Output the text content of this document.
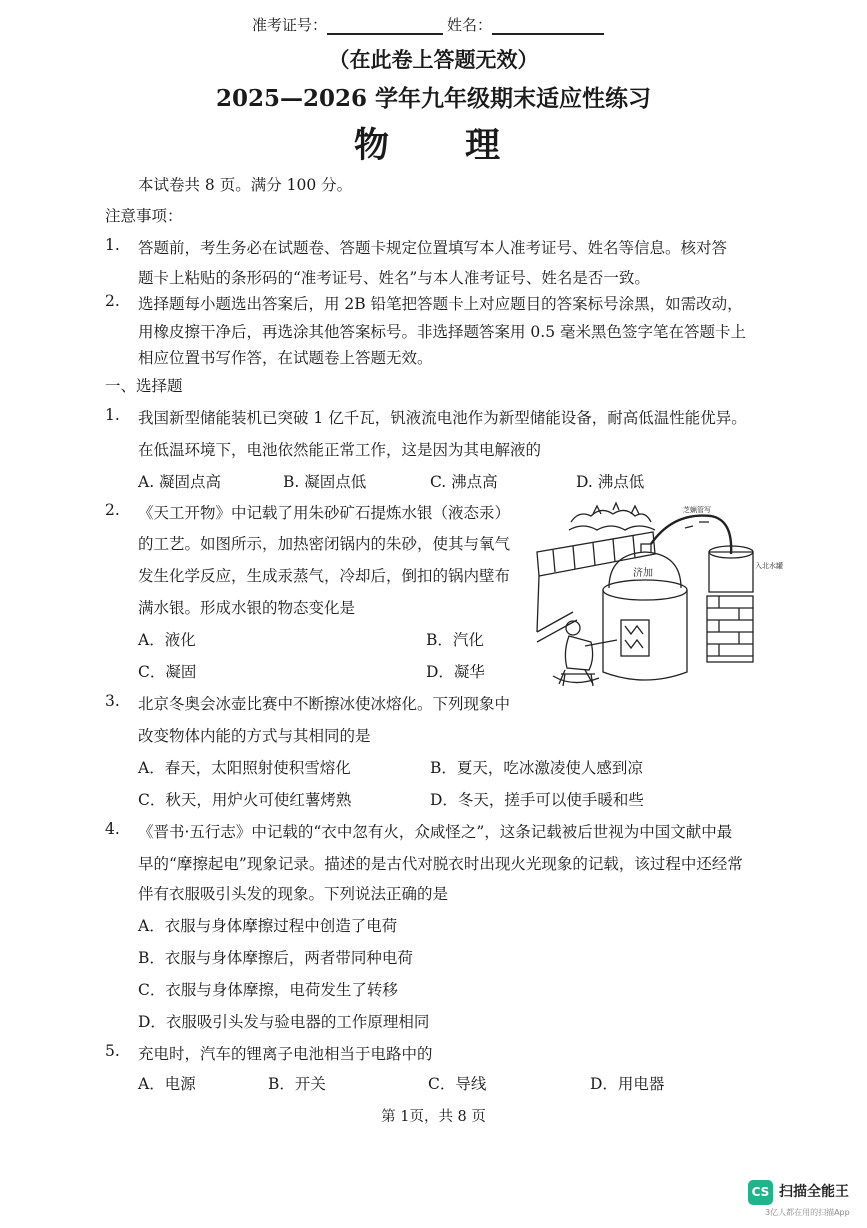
准考证号：	姓名：
（在此卷上答题无效）
2025—2026 学年九年级期末适应性练习
物　　理
本试卷共 8 页。满分 100 分。
注意事项：
1. 答题前，考生务必在试题卷、答题卡规定位置填写本人准考证号、姓名等信息。核对答
题卡上粘贴的条形码的“准考证号、姓名”与本人准考证号、姓名是否一致。
2. 选择题每小题选出答案后，用 2B 铅笔把答题卡上对应题目的答案标号涂黑，如需改动，
用橡皮擦干净后，再选涂其他答案标号。非选择题答案用 0.5 毫米黑色签字笔在答题卡上
相应位置书写作答，在试题卷上答题无效。
一、选择题
1. 我国新型储能装机已突破 1 亿千瓦，钒液流电池作为新型储能设备，耐高低温性能优异。
在低温环境下，电池依然能正常工作，这是因为其电解液的
A. 凝固点高	B. 凝固点低	C. 沸点高	D. 沸点低
2. 《天工开物》中记载了用朱砂矿石提炼水银（液态汞）
的工艺。如图所示，加热密闭锅内的朱砂，使其与氧气
发生化学反应，生成汞蒸气，冷却后，倒扣的锅内壁布
满水银。形成水银的物态变化是
A．液化	B．汽化
C．凝固	D．凝华
济加
芝蝋管写
入北水罐
3. 北京冬奥会冰壶比赛中不断擦冰使冰熔化。下列现象中
改变物体内能的方式与其相同的是
A．春天，太阳照射使积雪熔化	B．夏天，吃冰激凌使人感到凉
C．秋天，用炉火可使红薯烤熟	D．冬天，搓手可以使手暖和些
4. 《晋书·五行志》中记载的“衣中忽有火，众咸怪之”，这条记载被后世视为中国文献中最
早的“摩擦起电”现象记录。描述的是古代对脱衣时出现火光现象的记载，该过程中还经常
伴有衣服吸引头发的现象。下列说法正确的是
A．衣服与身体摩擦过程中创造了电荷
B．衣服与身体摩擦后，两者带同种电荷
C．衣服与身体摩擦，电荷发生了转移
D．衣服吸引头发与验电器的工作原理相同
5. 充电时，汽车的锂离子电池相当于电路中的
A．电源	B．开关	C．导线	D．用电器
第 1页，共 8 页
CS 扫描全能王
3亿人都在用的扫描App
